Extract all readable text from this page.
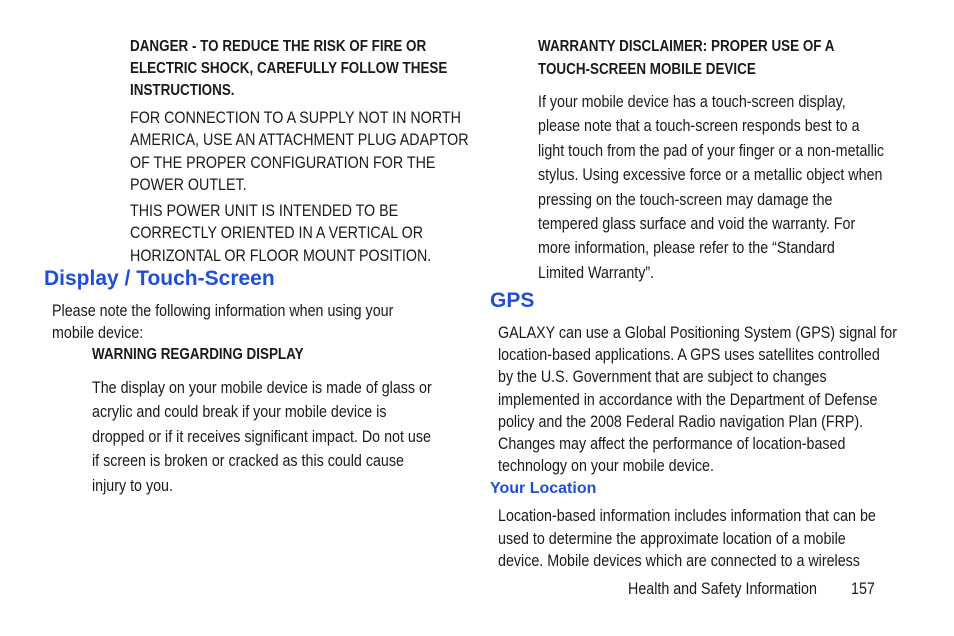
DANGER - TO REDUCE THE RISK OF FIRE OR
ELECTRIC SHOCK, CAREFULLY FOLLOW THESE
INSTRUCTIONS.
FOR CONNECTION TO A SUPPLY NOT IN NORTH
AMERICA, USE AN ATTACHMENT PLUG ADAPTOR
OF THE PROPER CONFIGURATION FOR THE
POWER OUTLET.
THIS POWER UNIT IS INTENDED TO BE
CORRECTLY ORIENTED IN A VERTICAL OR
HORIZONTAL OR FLOOR MOUNT POSITION.
Display / Touch-Screen
Please note the following information when using your
mobile device:
WARNING REGARDING DISPLAY
The display on your mobile device is made of glass or
acrylic and could break if your mobile device is
dropped or if it receives significant impact. Do not use
if screen is broken or cracked as this could cause
injury to you.
WARRANTY DISCLAIMER: PROPER USE OF A
TOUCH-SCREEN MOBILE DEVICE
If your mobile device has a touch-screen display,
please note that a touch-screen responds best to a
light touch from the pad of your finger or a non-metallic
stylus. Using excessive force or a metallic object when
pressing on the touch-screen may damage the
tempered glass surface and void the warranty. For
more information, please refer to the “Standard
Limited Warranty”.
GPS
GALAXY can use a Global Positioning System (GPS) signal for
location-based applications. A GPS uses satellites controlled
by the U.S. Government that are subject to changes
implemented in accordance with the Department of Defense
policy and the 2008 Federal Radio navigation Plan (FRP).
Changes may affect the performance of location-based
technology on your mobile device.
Your Location
Location-based information includes information that can be
used to determine the approximate location of a mobile
device. Mobile devices which are connected to a wireless
Health and Safety Information 157
